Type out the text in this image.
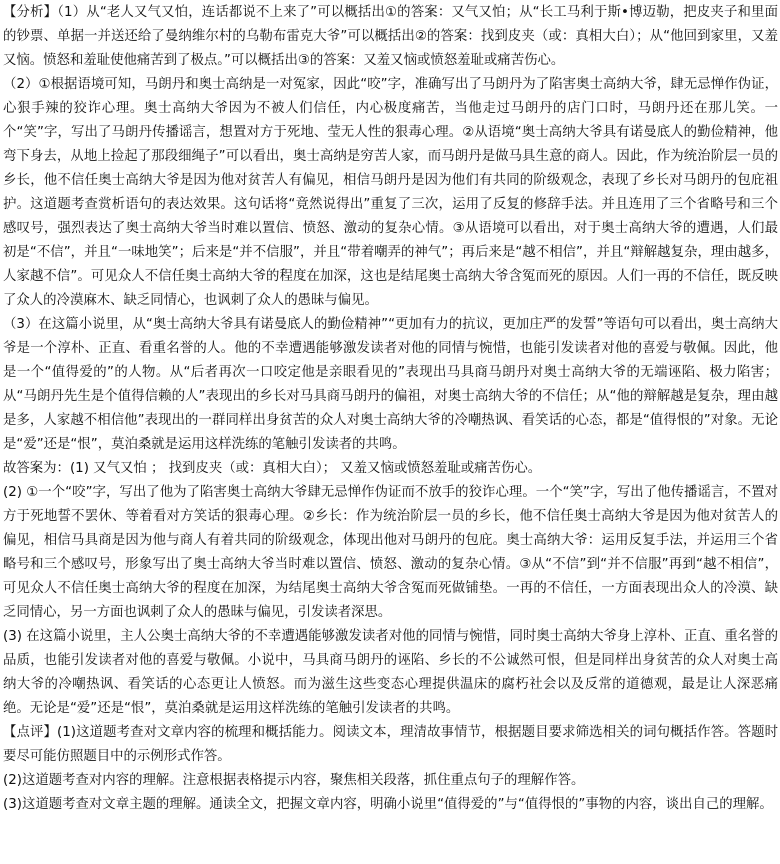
【分析】（1）从“老人又气又怕，连话都说不上来了”可以概括出①的答案：又气又怕；从“长工马利于斯•博迈勒，把皮夹子和里面的钞票、单据一并送还给了曼纳维尔村的乌勒布雷克大爷”可以概括出②的答案：找到皮夹（或：真相大白）；从“他回到家里，又羞又恼。愤怒和羞耻使他痛苦到了极点。”可以概括出③的答案：又羞又恼或愤怒羞耻或痛苦伤心。

（2）①根据语境可知，马朗丹和奥士高纳是一对冤家，因此“咬”字，准确写出了马朗丹为了陷害奥士高纳大爷，肆无忌惮作伪证，心狠手辣的狡诈心理。奥士高纳大爷因为不被人们信任，内心极度痛苦，当他走过马朗丹的店门口时，马朗丹还在那儿笑。一个“笑”字，写出了马朗丹传播谣言，想置对方于死地、莹无人性的狠毒心理。②从语境“奥士高纳大爷具有诺曼底人的勤俭精神，他弯下身去，从地上捡起了那段细绳子”可以看出，奥士高纳是穷苦人家，而马朗丹是做马具生意的商人。因此，作为统治阶层一员的乡长，他不信任奥士高纳大爷是因为他对贫苦人有偏见，相信马朗丹是因为他们有共同的阶级观念，表现了乡长对马朗丹的包庇祖护。这道题考查赏析语句的表达效果。这句话将“竟然说得出”重复了三次，运用了反复的修辞手法。并且连用了三个省略号和三个感叹号，强烈表达了奥士高纳大爷当时难以置信、愤怒、激动的复杂心情。③从语境可以看出，对于奥士高纳大爷的遭遇，人们最初是“不信”，并且“一味地笑”；后来是“并不信服”，并且“带着嘲弄的神气”；再后来是“越不相信”，并且“辩解越复杂，理由越多，人家越不信”。可见众人不信任奥士高纳大爷的程度在加深，这也是结尾奥士高纳大爷含冤而死的原因。人们一再的不信任，既反映了众人的冷漠麻木、缺乏同情心，也讽刺了众人的愚昧与偏见。

（3）在这篇小说里，从“奥士高纳大爷具有诺曼底人的勤俭精神”“更加有力的抗议，更加庄严的发誓”等语句可以看出，奥士高纳大爷是一个淳朴、正直、看重名誉的人。他的不幸遭遇能够激发读者对他的同情与惋惜，也能引发读者对他的喜爱与敬佩。因此，他是一个“值得爱的”的人物。从“后者再次一口咬定他是亲眼看见的”表现出马具商马朗丹对奥士高纳大爷的无端诬陷、极力陷害；从“马朗丹先生是个值得信赖的人”表现出的乡长对马具商马朗丹的偏祖，对奥士高纳大爷的不信任；从“他的辩解越是复杂，理由越是多，人家越不相信他”表现出的一群同样出身贫苦的众人对奥士高纳大爷的冷嘲热讽、看笑话的心态，都是“值得恨的”对象。无论是“爱”还是“恨”，莫泊桑就是运用这样洗练的笔触引发读者的共鸣。

故答案为：(1) 又气又怕 ； 找到皮夹（或：真相大白）； 又羞又恼或愤怒羞耻或痛苦伤心。

(2) ①一个“咬”字，写出了他为了陷害奥士高纳大爷肆无忌惮作伪证而不放手的狡诈心理。一个“笑”字，写出了他传播谣言，不置对方于死地誓不罢休、等着看对方笑话的狠毒心理。②乡长：作为统治阶层一员的乡长，他不信任奥士高纳大爷是因为他对贫苦人的偏见，相信马具商是因为他与商人有着共同的阶级观念，体现出他对马朗丹的包庇。奥士高纳大爷：运用反复手法，并运用三个省略号和三个感叹号，形象写出了奥士高纳大爷当时难以置信、愤怒、激动的复杂心情。③从“不信”到“并不信服”再到“越不相信”，可见众人不信任奥士高纳大爷的程度在加深，为结尾奥士高纳大爷含冤而死做铺垫。一再的不信任，一方面表现出众人的冷漠、缺乏同情心，另一方面也讽刺了众人的愚昧与偏见，引发读者深思。

(3) 在这篇小说里，主人公奥士高纳大爷的不幸遭遇能够激发读者对他的同情与惋惜，同时奥士高纳大爷身上淳朴、正直、重名誉的品质，也能引发读者对他的喜爱与敬佩。小说中，马具商马朗丹的诬陷、乡长的不公诚然可恨，但是同样出身贫苦的众人对奥士高纳大爷的冷嘲热讽、看笑话的心态更让人愤怒。而为滋生这些变态心理提供温床的腐朽社会以及反常的道德观，最是让人深恶痛绝。无论是“爱”还是“恨”，莫泊桑就是运用这样洗练的笔触引发读者的共鸣。

【点评】(1)这道题考查对文章内容的梳理和概括能力。阅读文本，理清故事情节，根据题目要求筛选相关的词句概括作答。答题时要尽可能仿照题目中的示例形式作答。

(2)这道题考查对内容的理解。注意根据表格提示内容，聚焦相关段落，抓住重点句子的理解作答。

(3)这道题考查对文章主题的理解。通读全文，把握文章内容，明确小说里“值得爱的”与“值得恨的”事物的内容，谈出自己的理解。
